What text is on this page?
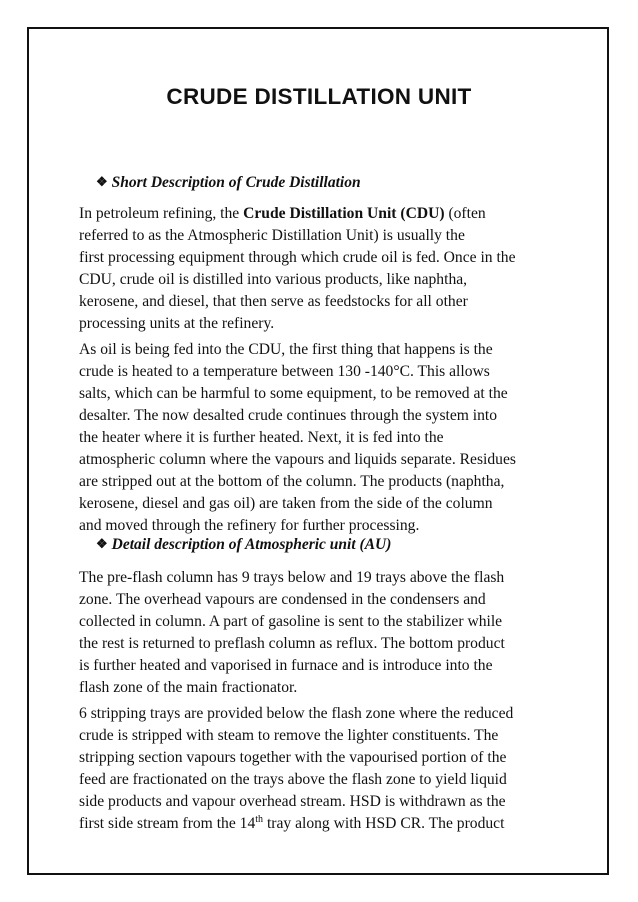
CRUDE DISTILLATION UNIT

❖ Short Description of Crude Distillation

In petroleum refining, the Crude Distillation Unit (CDU) (often
referred to as the Atmospheric Distillation Unit) is usually the
first processing equipment through which crude oil is fed. Once in the
CDU, crude oil is distilled into various products, like naphtha,
kerosene, and diesel, that then serve as feedstocks for all other
processing units at the refinery.

As oil is being fed into the CDU, the first thing that happens is the
crude is heated to a temperature between 130 -140°C. This allows
salts, which can be harmful to some equipment, to be removed at the
desalter. The now desalted crude continues through the system into
the heater where it is further heated. Next, it is fed into the
atmospheric column where the vapours and liquids separate. Residues
are stripped out at the bottom of the column. The products (naphtha,
kerosene, diesel and gas oil) are taken from the side of the column
and moved through the refinery for further processing.

❖ Detail description of Atmospheric unit (AU)

The pre-flash column has 9 trays below and 19 trays above the flash
zone. The overhead vapours are condensed in the condensers and
collected in column. A part of gasoline is sent to the stabilizer while
the rest is returned to preflash column as reflux. The bottom product
is further heated and vaporised in furnace and is introduce into the
flash zone of the main fractionator.

6 stripping trays are provided below the flash zone where the reduced
crude is stripped with steam to remove the lighter constituents. The
stripping section vapours together with the vapourised portion of the
feed are fractionated on the trays above the flash zone to yield liquid
side products and vapour overhead stream. HSD is withdrawn as the
first side stream from the 14th tray along with HSD CR. The product
